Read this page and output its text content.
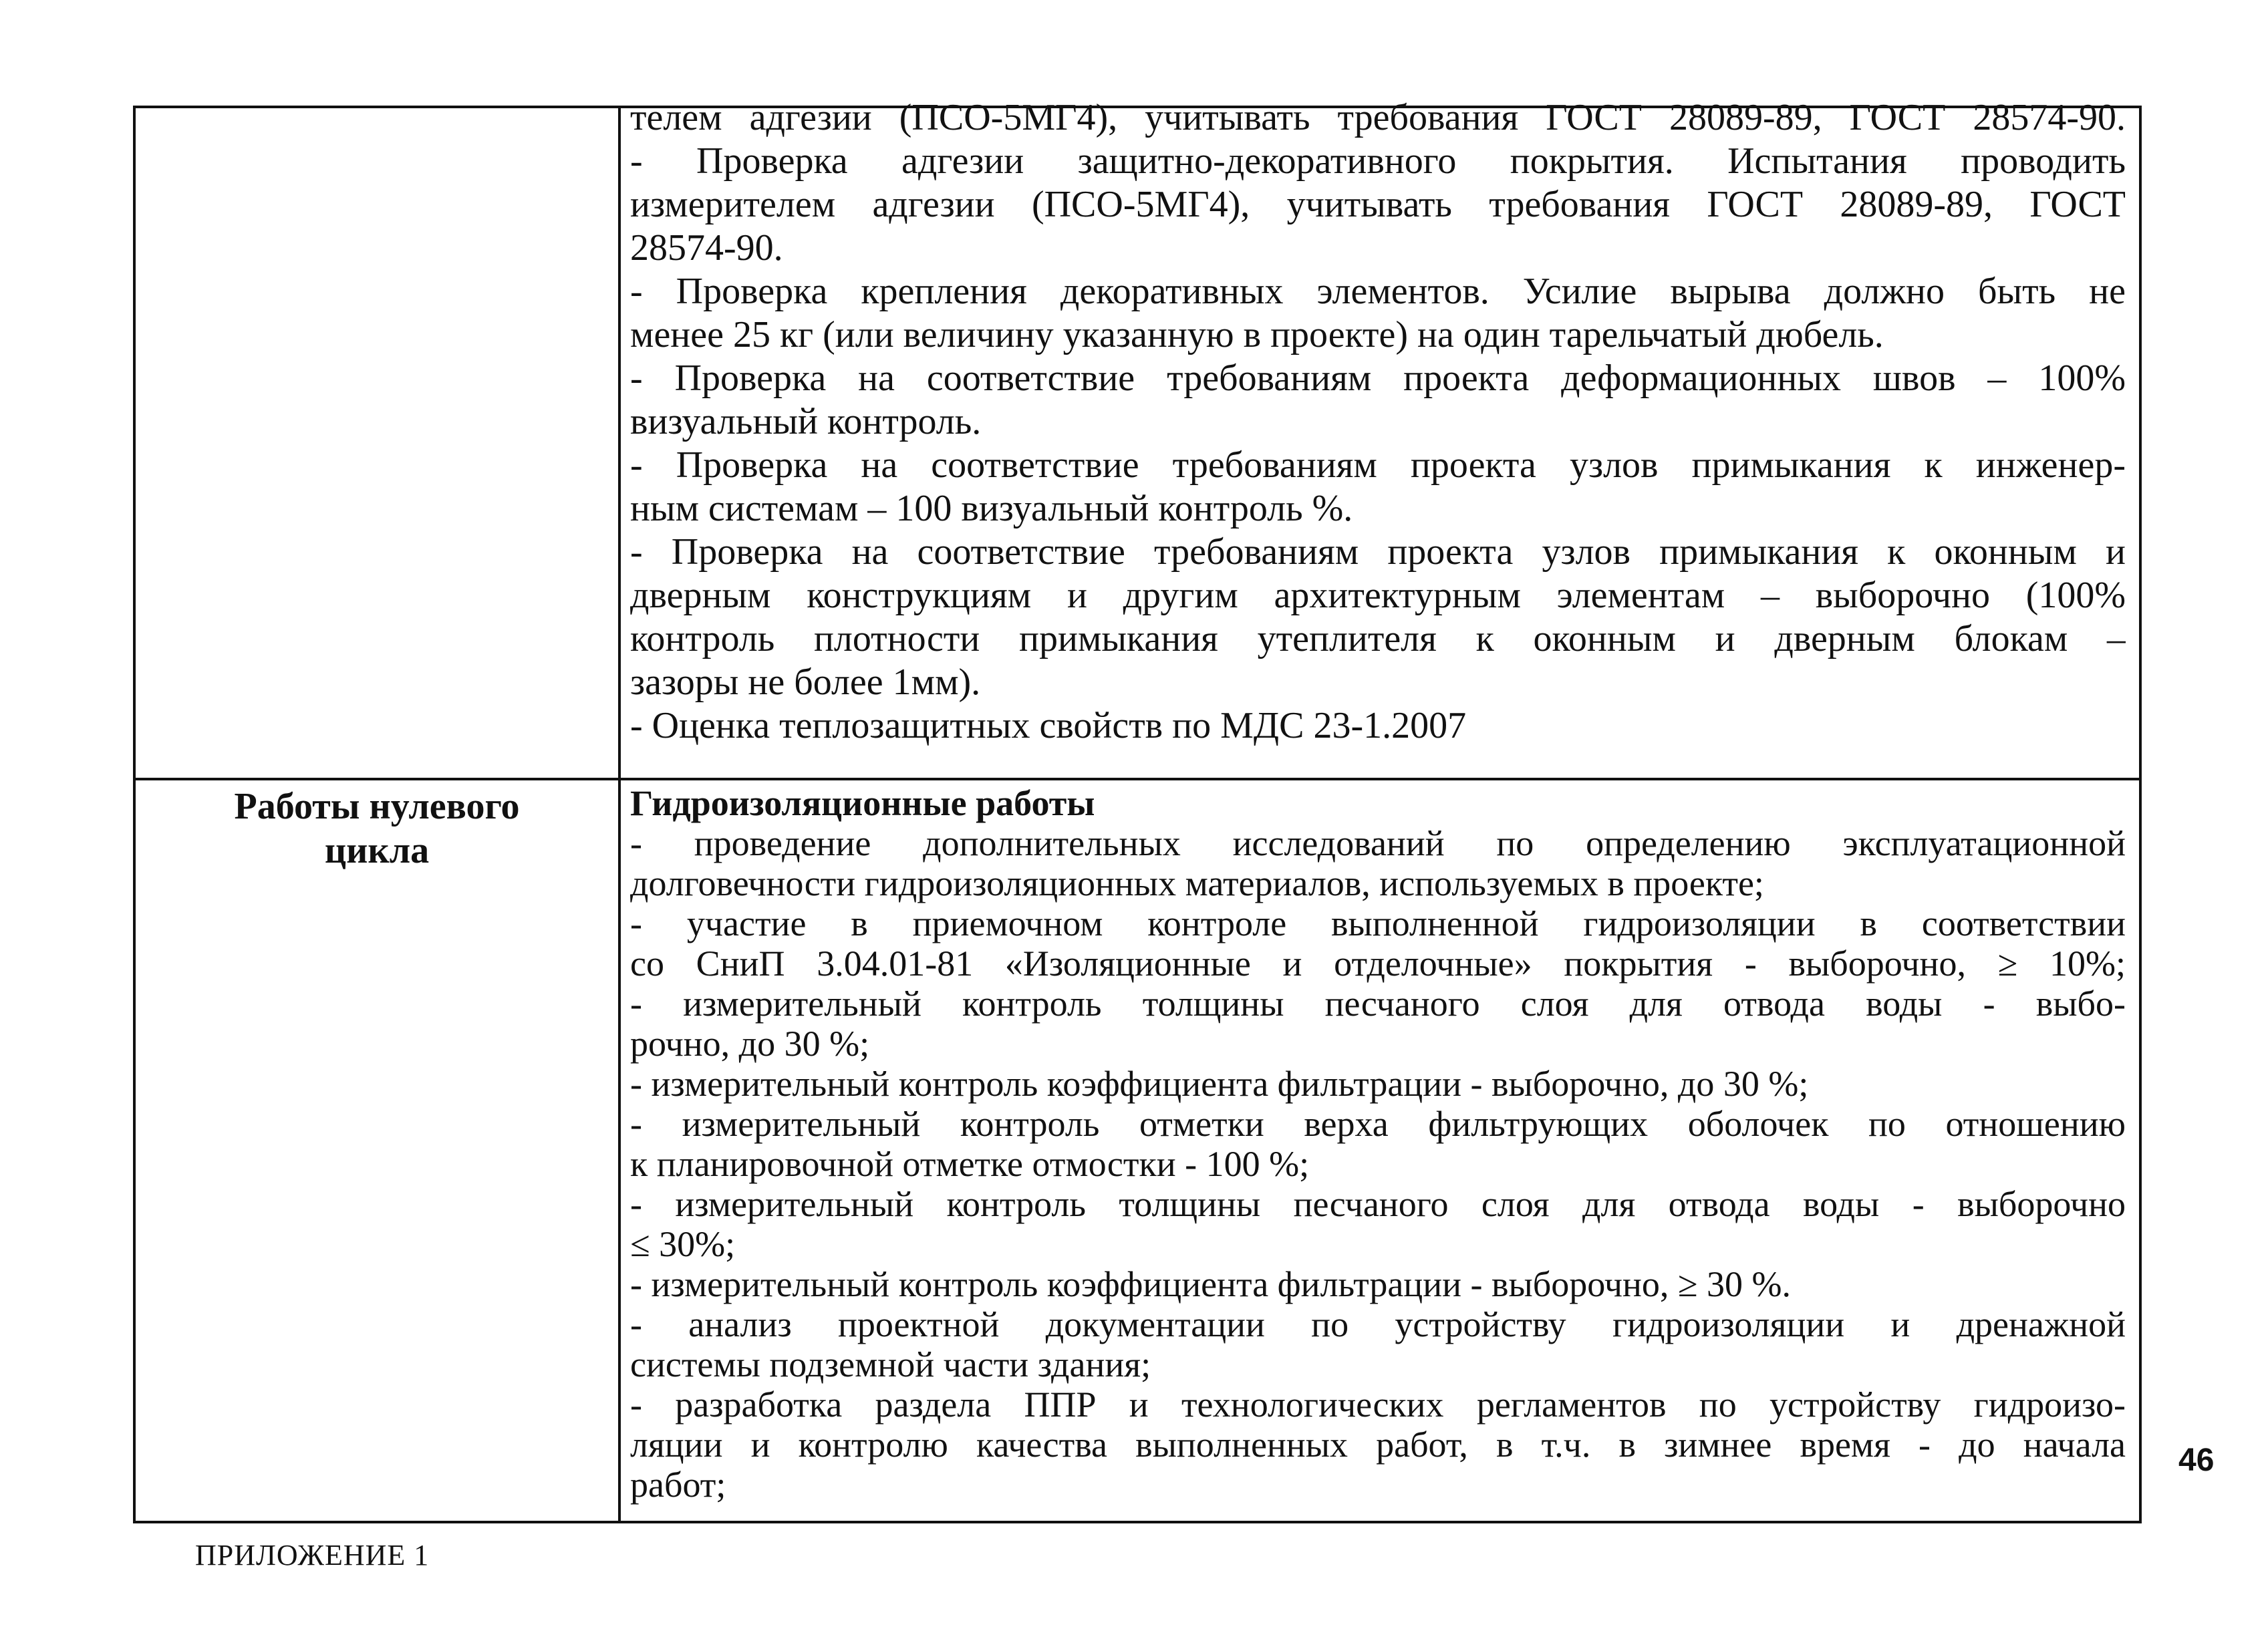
телем адгезии (ПСО-5МГ4), учитывать требования ГОСТ 28089-89, ГОСТ 28574-90.
- Проверка адгезии защитно-декоративного покрытия. Испытания проводить
измерителем адгезии (ПСО-5МГ4), учитывать требования ГОСТ 28089-89, ГОСТ
28574-90.
- Проверка крепления декоративных элементов. Усилие вырыва должно быть не
менее 25 кг (или величину указанную в проекте) на один тарельчатый дюбель.
- Проверка на соответствие требованиям проекта деформационных швов – 100%
визуальный контроль.
- Проверка на соответствие требованиям проекта узлов примыкания к инженер-
ным системам – 100 визуальный контроль %.
- Проверка на соответствие требованиям проекта узлов примыкания к оконным и
дверным конструкциям и другим архитектурным элементам – выборочно (100%
контроль плотности примыкания утеплителя к оконным и дверным блокам –
зазоры не более 1мм).
- Оценка теплозащитных свойств по МДС 23-1.2007
Работы нулевого
цикла
Гидроизоляционные работы
- проведение дополнительных исследований по определению эксплуатационной
долговечности гидроизоляционных материалов, используемых в проекте;
- участие в приемочном контроле выполненной гидроизоляции в соответствии
со СниП 3.04.01-81 «Изоляционные и отделочные» покрытия - выборочно, ≥ 10%;
- измерительный контроль толщины песчаного слоя для отвода воды - выбо-
рочно, до 30 %;
- измерительный контроль коэффициента фильтрации - выборочно, до 30 %;
- измерительный контроль отметки верха фильтрующих оболочек по отношению
к планировочной отметке отмостки - 100 %;
- измерительный контроль толщины песчаного слоя для отвода воды - выборочно
≤ 30%;
- измерительный контроль коэффициента фильтрации - выборочно, ≥ 30 %.
- анализ проектной документации по устройству гидроизоляции и дренажной
системы подземной части здания;
- разработка раздела ППР и технологических регламентов по устройству гидроизо-
ляции и контролю качества выполненных работ, в т.ч. в зимнее время - до начала
работ;
46
ПРИЛОЖЕНИЕ 1
